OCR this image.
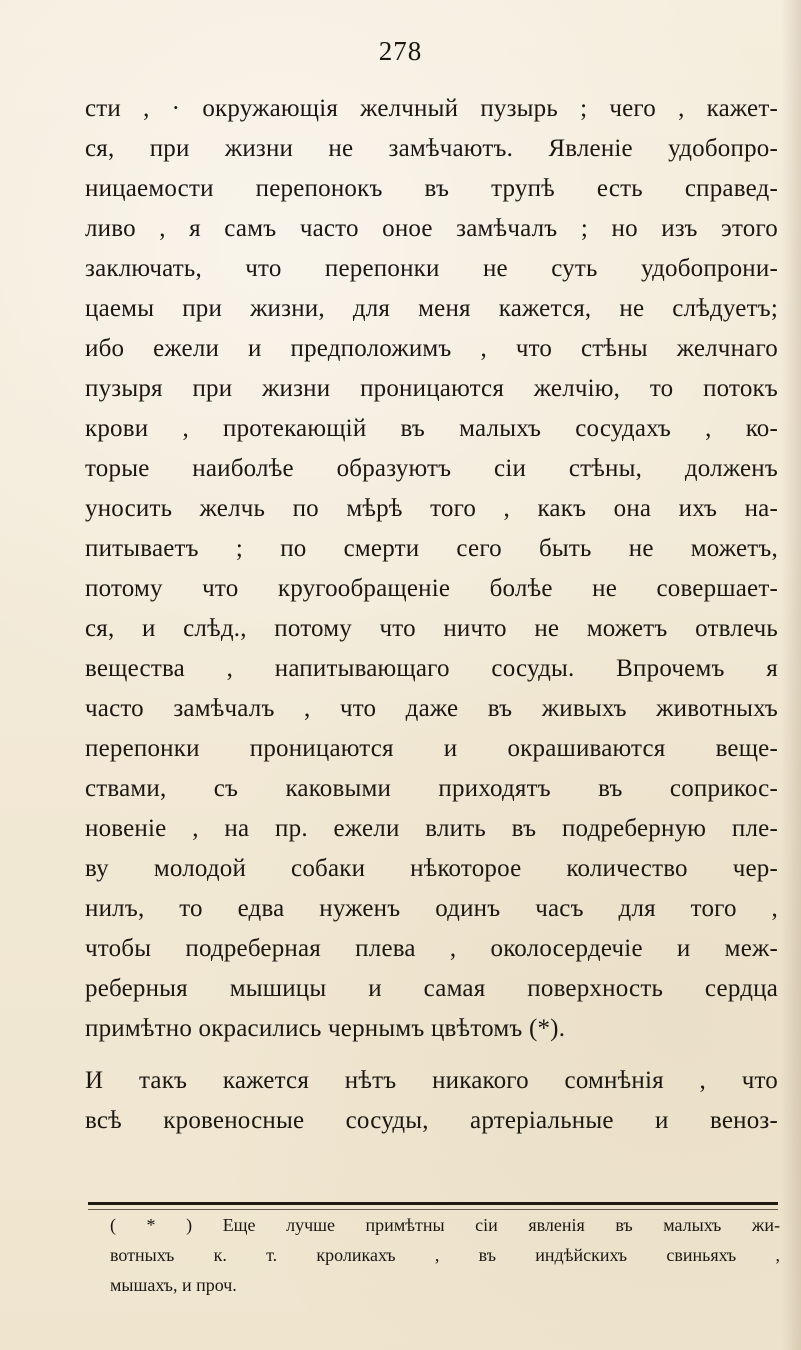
278
сти , · окружающія желчный пузырь ; чего , кажет-
ся, при жизни не замѣчаютъ. Явленіе удобопро-
ницаемости перепонокъ въ трупѣ есть справед-
ливо , я самъ часто оное замѣчалъ ; но изъ этого
заключать, что перепонки не суть удобопрони-
цаемы при жизни, для меня кажется, не слѣдуетъ;
ибо ежели и предположимъ , что стѣны желчнаго
пузыря при жизни проницаются желчію, то потокъ
крови , протекающій въ малыхъ сосудахъ , ко-
торые наиболѣе образуютъ сіи стѣны, долженъ
уносить желчь по мѣрѣ того , какъ она ихъ на-
питываетъ ; по смерти сего быть не можетъ,
потому что кругообращеніе болѣе не совершает-
ся, и слѣд., потому что ничто не можетъ отвлечь
вещества , напитывающаго сосуды. Впрочемъ я
часто замѣчалъ , что даже въ живыхъ животныхъ
перепонки проницаются и окрашиваются веще-
ствами, съ каковыми приходятъ въ соприкос-
новеніе , на пр. ежели влить въ подреберную пле-
ву молодой собаки нѣкоторое количество чер-
нилъ, то едва нуженъ одинъ часъ для того ,
чтобы подреберная плева , околосердечіе и меж-
реберныя мышицы и самая поверхность сердца
примѣтно окрасились чернымъ цвѣтомъ (*).
И такъ кажется нѣтъ никакого сомнѣнія , что
всѣ кровеносные сосуды, артеріальные и веноз-
( * ) Еще лучше примѣтны сіи явленія въ малыхъ жи-
вотныхъ к. т. кроликахъ , въ индѣйскихъ свиньяхъ ,
мышахъ, и проч.
